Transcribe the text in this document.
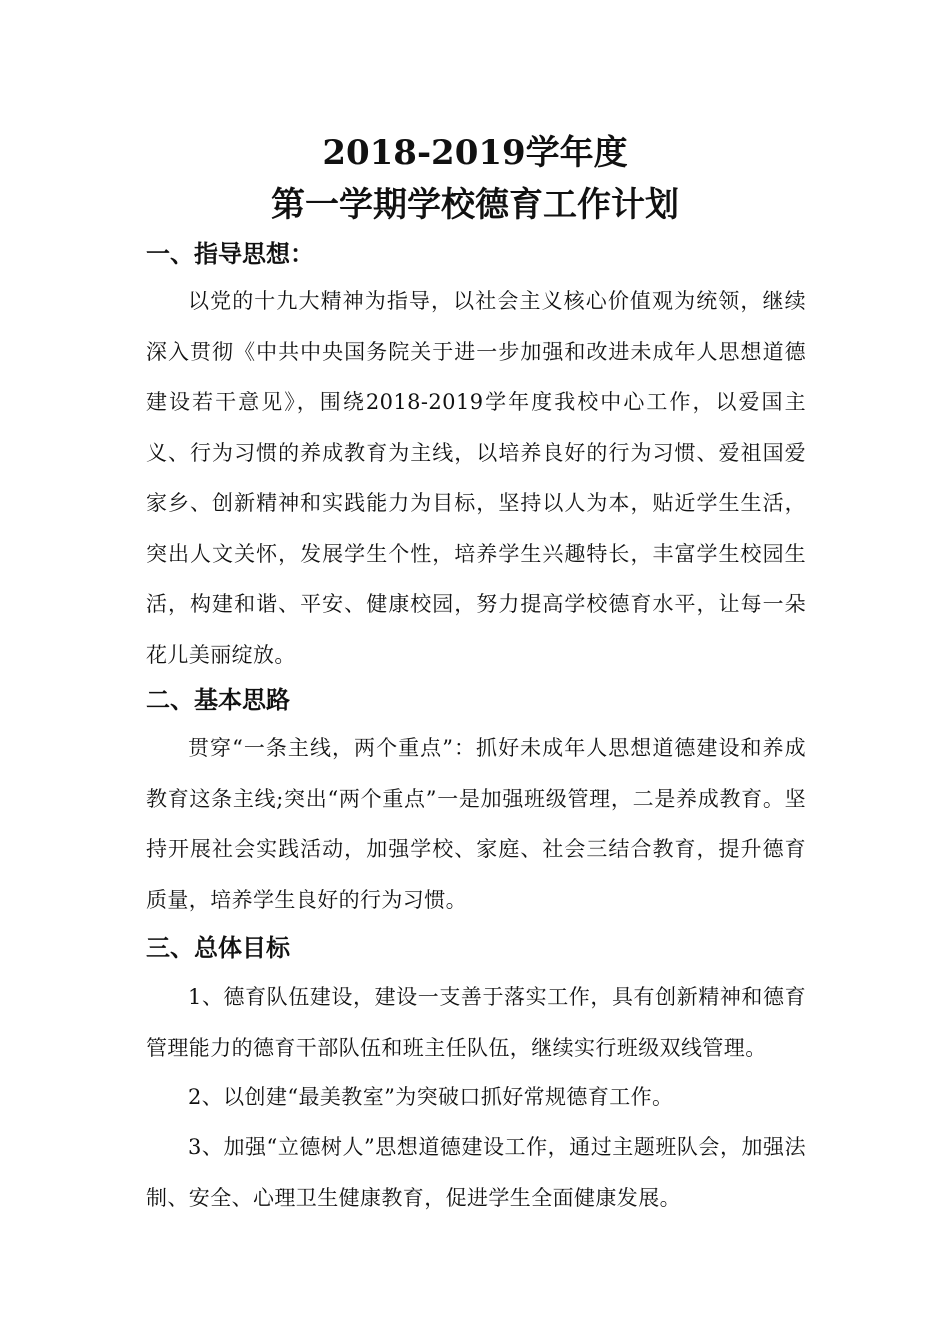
2018-2019学年度
第一学期学校德育工作计划
一、指导思想：

以党的十九大精神为指导，以社会主义核心价值观为统领，继续深入贯彻《中共中央国务院关于进一步加强和改进未成年人思想道德建设若干意见》，围绕2018-2019学年度我校中心工作，以爱国主义、行为习惯的养成教育为主线，以培养良好的行为习惯、爱祖国爱家乡、创新精神和实践能力为目标，坚持以人为本，贴近学生生活，突出人文关怀，发展学生个性，培养学生兴趣特长，丰富学生校园生活，构建和谐、平安、健康校园，努力提高学校德育水平，让每一朵花儿美丽绽放。

二、基本思路

贯穿“一条主线，两个重点”：抓好未成年人思想道德建设和养成教育这条主线;突出“两个重点”一是加强班级管理，二是养成教育。坚持开展社会实践活动，加强学校、家庭、社会三结合教育，提升德育质量，培养学生良好的行为习惯。

三、总体目标

1、德育队伍建设，建设一支善于落实工作，具有创新精神和德育管理能力的德育干部队伍和班主任队伍，继续实行班级双线管理。

2、以创建“最美教室”为突破口抓好常规德育工作。

3、加强“立德树人”思想道德建设工作，通过主题班队会，加强法制、安全、心理卫生健康教育，促进学生全面健康发展。
